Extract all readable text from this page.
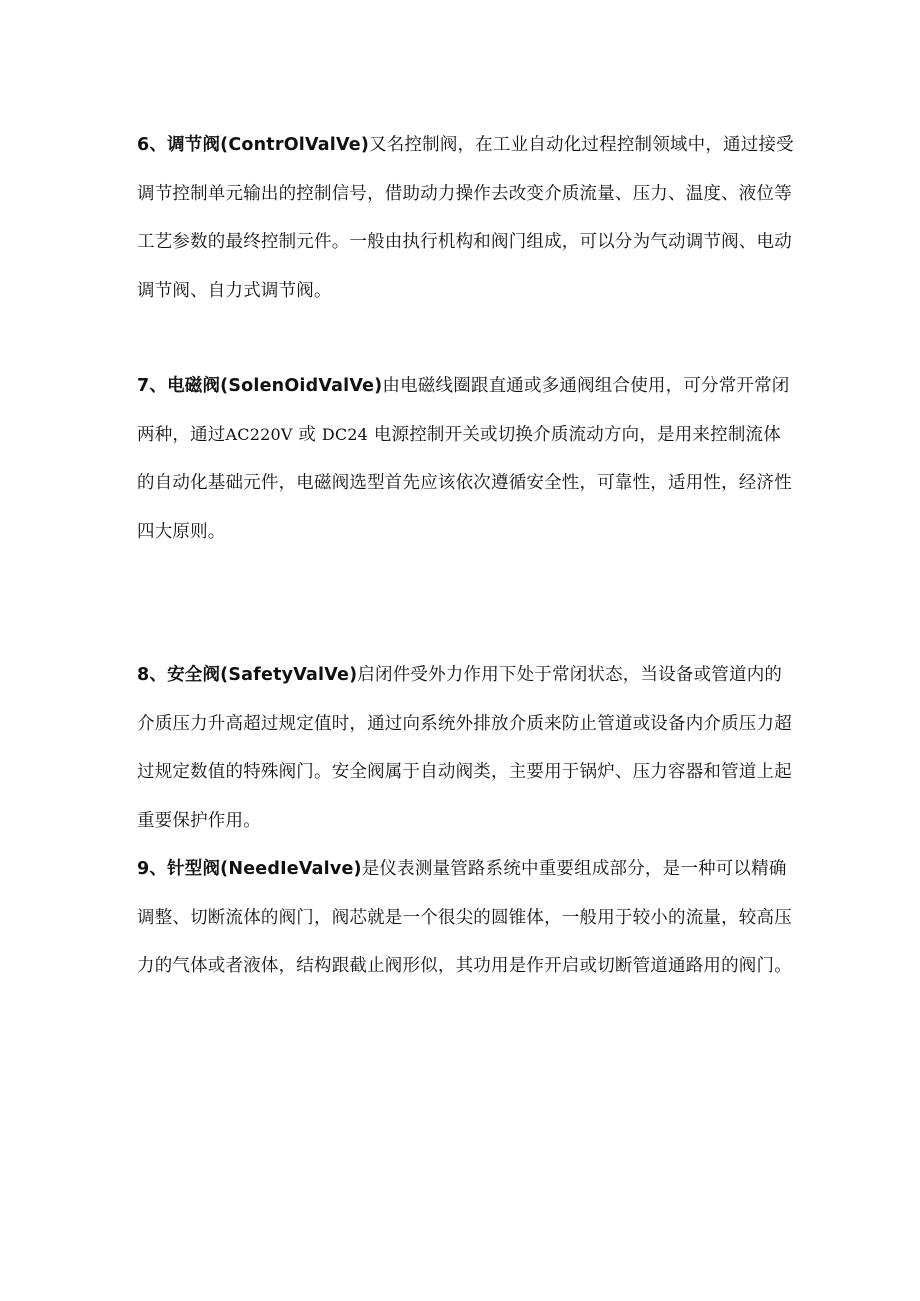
6、调节阀(ContrOlValVe)又名控制阀，在工业自动化过程控制领域中，通过接受调节控制单元输出的控制信号，借助动力操作去改变介质流量、压力、温度、液位等工艺参数的最终控制元件。一般由执行机构和阀门组成，可以分为气动调节阀、电动调节阀、自力式调节阀。

7、电磁阀(SolenOidValVe)由电磁线圈跟直通或多通阀组合使用，可分常开常闭两种，通过AC220V 或 DC24 电源控制开关或切换介质流动方向，是用来控制流体的自动化基础元件，电磁阀选型首先应该依次遵循安全性，可靠性，适用性，经济性四大原则。

8、安全阀(SafetyValVe)启闭件受外力作用下处于常闭状态，当设备或管道内的介质压力升高超过规定值时，通过向系统外排放介质来防止管道或设备内介质压力超过规定数值的特殊阀门。安全阀属于自动阀类，主要用于锅炉、压力容器和管道上起重要保护作用。

9、针型阀(NeedIeValve)是仪表测量管路系统中重要组成部分，是一种可以精确调整、切断流体的阀门，阀芯就是一个很尖的圆锥体，一般用于较小的流量，较高压力的气体或者液体，结构跟截止阀形似，其功用是作开启或切断管道通路用的阀门。
